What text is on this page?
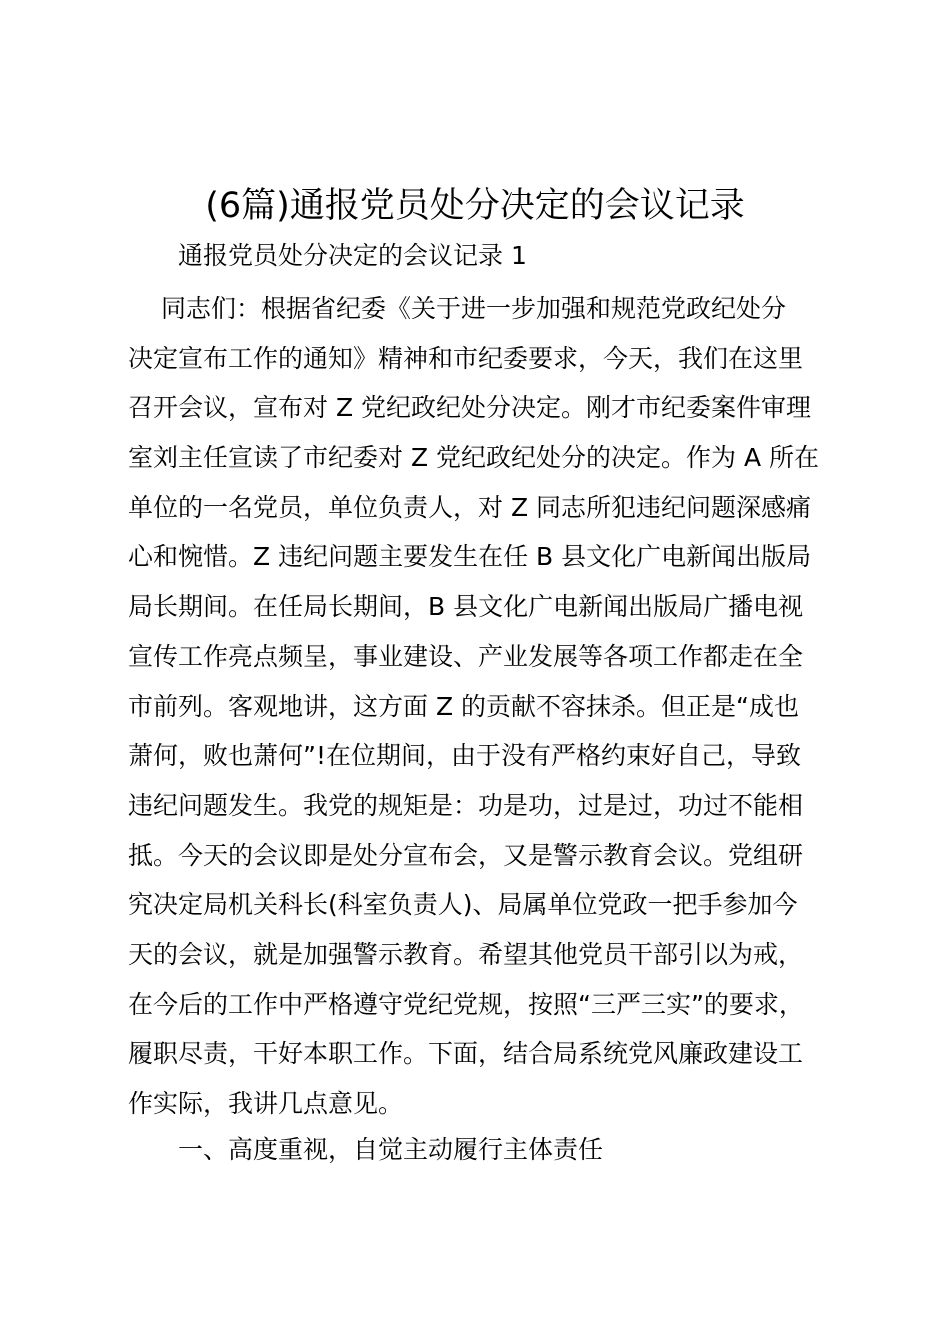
(6篇)通报党员处分决定的会议记录

通报党员处分决定的会议记录 1

　 同志们：根据省纪委《关于进一步加强和规范党政纪处分
决定宣布工作的通知》精神和市纪委要求，今天，我们在这里
召开会议，宣布对 Z 党纪政纪处分决定。刚才市纪委案件审理
室刘主任宣读了市纪委对 Z 党纪政纪处分的决定。作为 A 所在
单位的一名党员，单位负责人，对 Z 同志所犯违纪问题深感痛
心和惋惜。Z 违纪问题主要发生在任 B 县文化广电新闻出版局
局长期间。在任局长期间，B 县文化广电新闻出版局广播电视
宣传工作亮点频呈，事业建设、产业发展等各项工作都走在全
市前列。客观地讲，这方面 Z 的贡献不容抹杀。但正是“成也
萧何，败也萧何”!在位期间，由于没有严格约束好自己，导致
违纪问题发生。我党的规矩是：功是功，过是过，功过不能相
抵。今天的会议即是处分宣布会，又是警示教育会议。党组研
究决定局机关科长(科室负责人)、局属单位党政一把手参加今
天的会议，就是加强警示教育。希望其他党员干部引以为戒，
在今后的工作中严格遵守党纪党规，按照“三严三实”的要求，
履职尽责，干好本职工作。下面，结合局系统党风廉政建设工
作实际，我讲几点意见。

一、高度重视，自觉主动履行主体责任
